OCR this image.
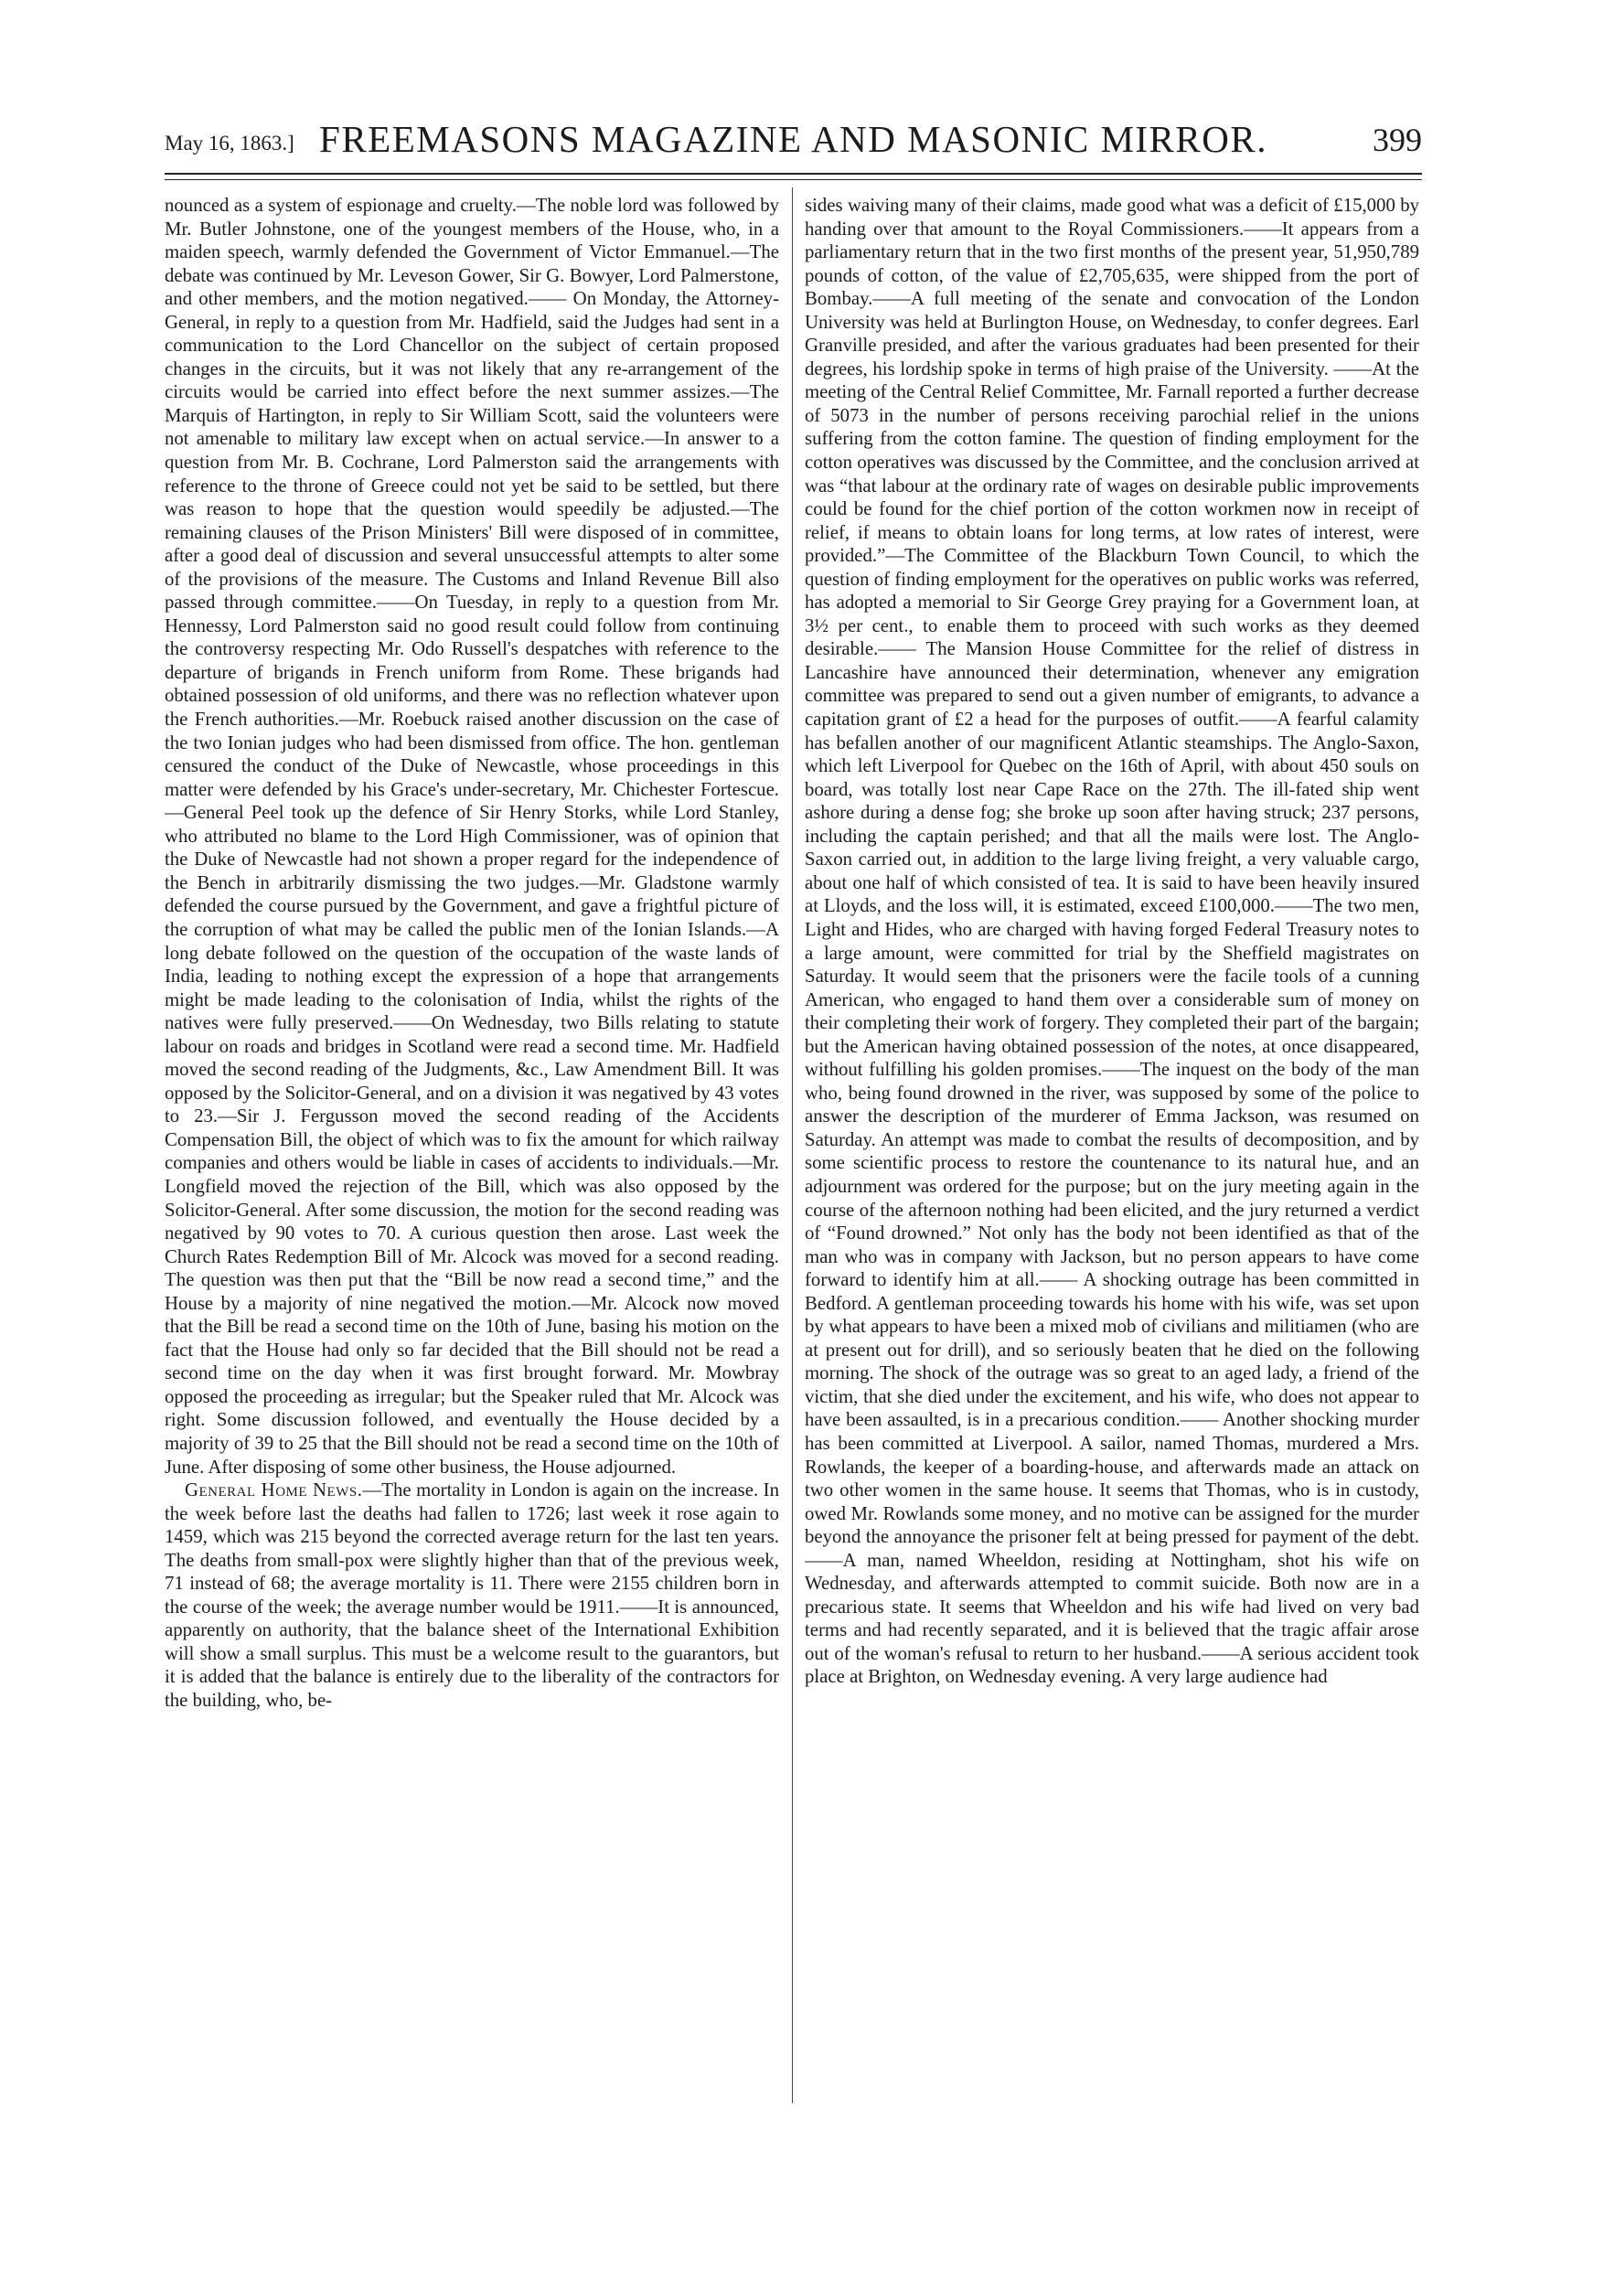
May 16, 1863.] FREEMASONS MAGAZINE AND MASONIC MIRROR.	399

nounced as a system of espionage and cruelty.—The noble lord was followed by Mr. Butler Johnstone, one of the youngest members of the House, who, in a maiden speech, warmly defended the Government of Victor Emmanuel.—The debate was continued by Mr. Leveson Gower, Sir G. Bowyer, Lord Palmerstone, and other members, and the motion negatived.—— On Monday, the Attorney-General, in reply to a question from Mr. Hadfield, said the Judges had sent in a communication to the Lord Chancellor on the subject of certain proposed changes in the circuits, but it was not likely that any re-arrangement of the circuits would be carried into effect before the next summer assizes.—The Marquis of Hartington, in reply to Sir William Scott, said the volunteers were not amenable to military law except when on actual service.—In answer to a question from Mr. B. Cochrane, Lord Palmerston said the arrangements with reference to the throne of Greece could not yet be said to be settled, but there was reason to hope that the question would speedily be adjusted.—The remaining clauses of the Prison Ministers' Bill were disposed of in committee, after a good deal of discussion and several unsuccessful attempts to alter some of the provisions of the measure. The Customs and Inland Revenue Bill also passed through committee.——On Tuesday, in reply to a question from Mr. Hennessy, Lord Palmerston said no good result could follow from continuing the controversy respecting Mr. Odo Russell's despatches with reference to the departure of brigands in French uniform from Rome. These brigands had obtained possession of old uniforms, and there was no reflection whatever upon the French authorities.—Mr. Roebuck raised another discussion on the case of the two Ionian judges who had been dismissed from office. The hon. gentleman censured the conduct of the Duke of Newcastle, whose proceedings in this matter were defended by his Grace's under-secretary, Mr. Chichester Fortescue.—General Peel took up the defence of Sir Henry Storks, while Lord Stanley, who attributed no blame to the Lord High Commissioner, was of opinion that the Duke of Newcastle had not shown a proper regard for the independence of the Bench in arbitrarily dismissing the two judges.—Mr. Gladstone warmly defended the course pursued by the Government, and gave a frightful picture of the corruption of what may be called the public men of the Ionian Islands.—A long debate followed on the question of the occupation of the waste lands of India, leading to nothing except the expression of a hope that arrangements might be made leading to the colonisation of India, whilst the rights of the natives were fully preserved.——On Wednesday, two Bills relating to statute labour on roads and bridges in Scotland were read a second time. Mr. Hadfield moved the second reading of the Judgments, &c., Law Amendment Bill. It was opposed by the Solicitor-General, and on a division it was negatived by 43 votes to 23.—Sir J. Fergusson moved the second reading of the Accidents Compensation Bill, the object of which was to fix the amount for which railway companies and others would be liable in cases of accidents to individuals.—Mr. Longfield moved the rejection of the Bill, which was also opposed by the Solicitor-General. After some discussion, the motion for the second reading was negatived by 90 votes to 70. A curious question then arose. Last week the Church Rates Redemption Bill of Mr. Alcock was moved for a second reading. The question was then put that the “Bill be now read a second time,” and the House by a majority of nine negatived the motion.—Mr. Alcock now moved that the Bill be read a second time on the 10th of June, basing his motion on the fact that the House had only so far decided that the Bill should not be read a second time on the day when it was first brought forward. Mr. Mowbray opposed the proceeding as irregular; but the Speaker ruled that Mr. Alcock was right. Some discussion followed, and eventually the House decided by a majority of 39 to 25 that the Bill should not be read a second time on the 10th of June. After disposing of some other business, the House adjourned.

General Home News.—The mortality in London is again on the increase. In the week before last the deaths had fallen to 1726; last week it rose again to 1459, which was 215 beyond the corrected average return for the last ten years. The deaths from small-pox were slightly higher than that of the previous week, 71 instead of 68; the average mortality is 11. There were 2155 children born in the course of the week; the average number would be 1911.——It is announced, apparently on authority, that the balance sheet of the International Exhibition will show a small surplus. This must be a welcome result to the guarantors, but it is added that the balance is entirely due to the liberality of the contractors for the building, who, be-

sides waiving many of their claims, made good what was a deficit of £15,000 by handing over that amount to the Royal Commissioners.——It appears from a parliamentary return that in the two first months of the present year, 51,950,789 pounds of cotton, of the value of £2,705,635, were shipped from the port of Bombay.——A full meeting of the senate and convocation of the London University was held at Burlington House, on Wednesday, to confer degrees. Earl Granville presided, and after the various graduates had been presented for their degrees, his lordship spoke in terms of high praise of the University. ——At the meeting of the Central Relief Committee, Mr. Farnall reported a further decrease of 5073 in the number of persons receiving parochial relief in the unions suffering from the cotton famine. The question of finding employment for the cotton operatives was discussed by the Committee, and the conclusion arrived at was “that labour at the ordinary rate of wages on desirable public improvements could be found for the chief portion of the cotton workmen now in receipt of relief, if means to obtain loans for long terms, at low rates of interest, were provided.”—The Committee of the Blackburn Town Council, to which the question of finding employment for the operatives on public works was referred, has adopted a memorial to Sir George Grey praying for a Government loan, at 3½ per cent., to enable them to proceed with such works as they deemed desirable.—— The Mansion House Committee for the relief of distress in Lancashire have announced their determination, whenever any emigration committee was prepared to send out a given number of emigrants, to advance a capitation grant of £2 a head for the purposes of outfit.——A fearful calamity has befallen another of our magnificent Atlantic steamships. The Anglo-Saxon, which left Liverpool for Quebec on the 16th of April, with about 450 souls on board, was totally lost near Cape Race on the 27th. The ill-fated ship went ashore during a dense fog; she broke up soon after having struck; 237 persons, including the captain perished; and that all the mails were lost. The Anglo-Saxon carried out, in addition to the large living freight, a very valuable cargo, about one half of which consisted of tea. It is said to have been heavily insured at Lloyds, and the loss will, it is estimated, exceed £100,000.——The two men, Light and Hides, who are charged with having forged Federal Treasury notes to a large amount, were committed for trial by the Sheffield magistrates on Saturday. It would seem that the prisoners were the facile tools of a cunning American, who engaged to hand them over a considerable sum of money on their completing their work of forgery. They completed their part of the bargain; but the American having obtained possession of the notes, at once disappeared, without fulfilling his golden promises.——The inquest on the body of the man who, being found drowned in the river, was supposed by some of the police to answer the description of the murderer of Emma Jackson, was resumed on Saturday. An attempt was made to combat the results of decomposition, and by some scientific process to restore the countenance to its natural hue, and an adjournment was ordered for the purpose; but on the jury meeting again in the course of the afternoon nothing had been elicited, and the jury returned a verdict of “Found drowned.” Not only has the body not been identified as that of the man who was in company with Jackson, but no person appears to have come forward to identify him at all.—— A shocking outrage has been committed in Bedford. A gentleman proceeding towards his home with his wife, was set upon by what appears to have been a mixed mob of civilians and militiamen (who are at present out for drill), and so seriously beaten that he died on the following morning. The shock of the outrage was so great to an aged lady, a friend of the victim, that she died under the excitement, and his wife, who does not appear to have been assaulted, is in a precarious condition.—— Another shocking murder has been committed at Liverpool. A sailor, named Thomas, murdered a Mrs. Rowlands, the keeper of a boarding-house, and afterwards made an attack on two other women in the same house. It seems that Thomas, who is in custody, owed Mr. Rowlands some money, and no motive can be assigned for the murder beyond the annoyance the prisoner felt at being pressed for payment of the debt.——A man, named Wheeldon, residing at Nottingham, shot his wife on Wednesday, and afterwards attempted to commit suicide. Both now are in a precarious state. It seems that Wheeldon and his wife had lived on very bad terms and had recently separated, and it is believed that the tragic affair arose out of the woman's refusal to return to her husband.——A serious accident took place at Brighton, on Wednesday evening. A very large audience had
